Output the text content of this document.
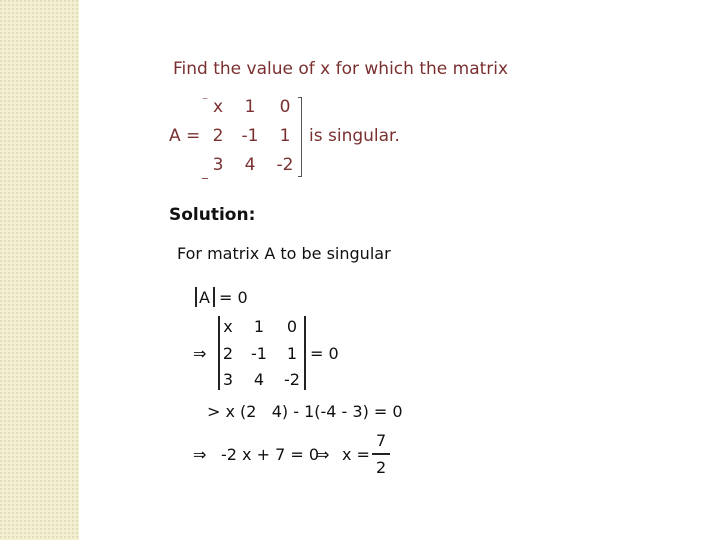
Find the value of x for which the matrix
A =
⁻
_
x	1	0
2	-1	1
3	4	-2
is singular.
Solution:
For matrix A to be singular
A = 0
⇒
x	1	0
2	-1	1
3	4	-2
= 0
> x (2   4) - 1(-4 - 3) = 0
⇒ -2 x + 7 = 0
⇒ x =
7
2
